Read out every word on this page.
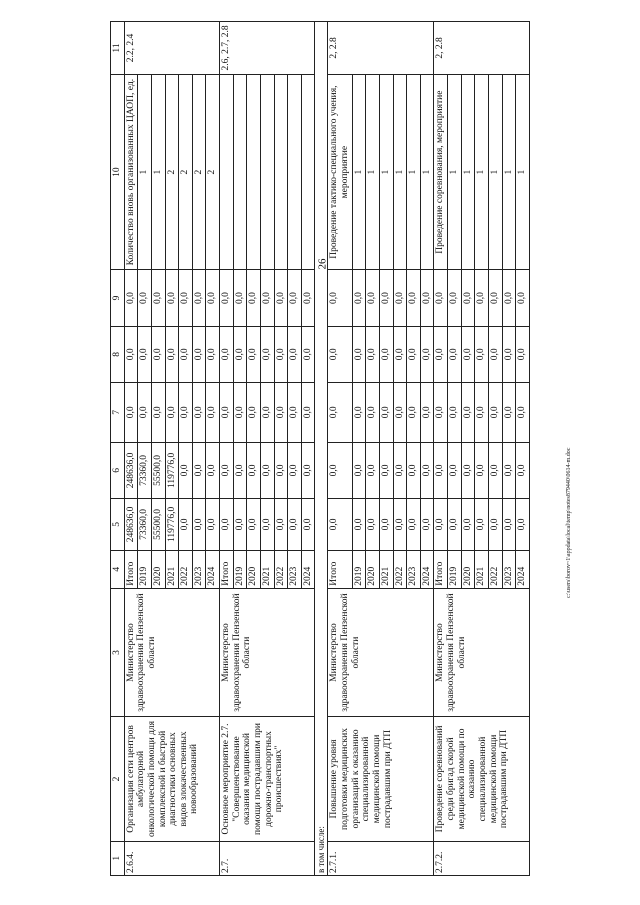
26
1	2	3	4	5	6	7	8	9	10	11
2.6.4.	Организация сети центров амбулаторной онкологической помощи для комплексной и быстрой диагностики основных видов злокачественных новообразований	Министерство здравоохранения Пензенской области	Итого	248636,0	248636,0	0,0	0,0	0,0	Количество вновь организованных ЦАОП, ед.	2.2, 2.4
			2019	73360,0	73360,0	0,0	0,0	0,0	1	
			2020	55500,0	55500,0	0,0	0,0	0,0	1	
			2021	119776,0	119776,0	0,0	0,0	0,0	2	
			2022	0,0	0,0	0,0	0,0	0,0	2	
			2023	0,0	0,0	0,0	0,0	0,0	2	
			2024	0,0	0,0	0,0	0,0	0,0	2	
2.7.	Основное мероприятие 2.7. "Совершенствование оказания медицинской помощи пострадавшим при дорожно-транспортных происшествиях"	Министерство здравоохранения Пензенской области	Итого	0,0	0,0	0,0	0,0	0,0		2.6, 2.7, 2.8
			2019	0,0	0,0	0,0	0,0	0,0		
			2020	0,0	0,0	0,0	0,0	0,0		
			2021	0,0	0,0	0,0	0,0	0,0		
			2022	0,0	0,0	0,0	0,0	0,0		
			2023	0,0	0,0	0,0	0,0	0,0		
			2024	0,0	0,0	0,0	0,0	0,0		
в том числе:										
2.7.1.	Повышение уровня подготовки медицинских организаций к оказанию специализированной медицинской помощи пострадавшим при ДТП	Министерство здравоохранения Пензенской области	Итого	0,0	0,0	0,0	0,0	0,0	Проведение тактико-специального учения, мероприятие	2, 2.8
			2019	0,0	0,0	0,0	0,0	0,0	1	
			2020	0,0	0,0	0,0	0,0	0,0	1	
			2021	0,0	0,0	0,0	0,0	0,0	1	
			2022	0,0	0,0	0,0	0,0	0,0	1	
			2023	0,0	0,0	0,0	0,0	0,0	1	
			2024	0,0	0,0	0,0	0,0	0,0	1	
2.7.2.	Проведение соревнований среди бригад скорой медицинской помощи по оказанию специализированной медицинской помощи пострадавшим при ДТП	Министерство здравоохранения Пензенской области	Итого	0,0	0,0	0,0	0,0	0,0	Проведение соревнования, мероприятие	2, 2.8
			2019	0,0	0,0	0,0	0,0	0,0	1	
			2020	0,0	0,0	0,0	0,0	0,0	1	
			2021	0,0	0,0	0,0	0,0	0,0	1	
			2022	0,0	0,0	0,0	0,0	0,0	1	
			2023	0,0	0,0	0,0	0,0	0,0	1	
			2024	0,0	0,0	0,0	0,0	0,0	1	
c:\users\borov~1\appdata\local\temp\notes879440\0614-m.doc
